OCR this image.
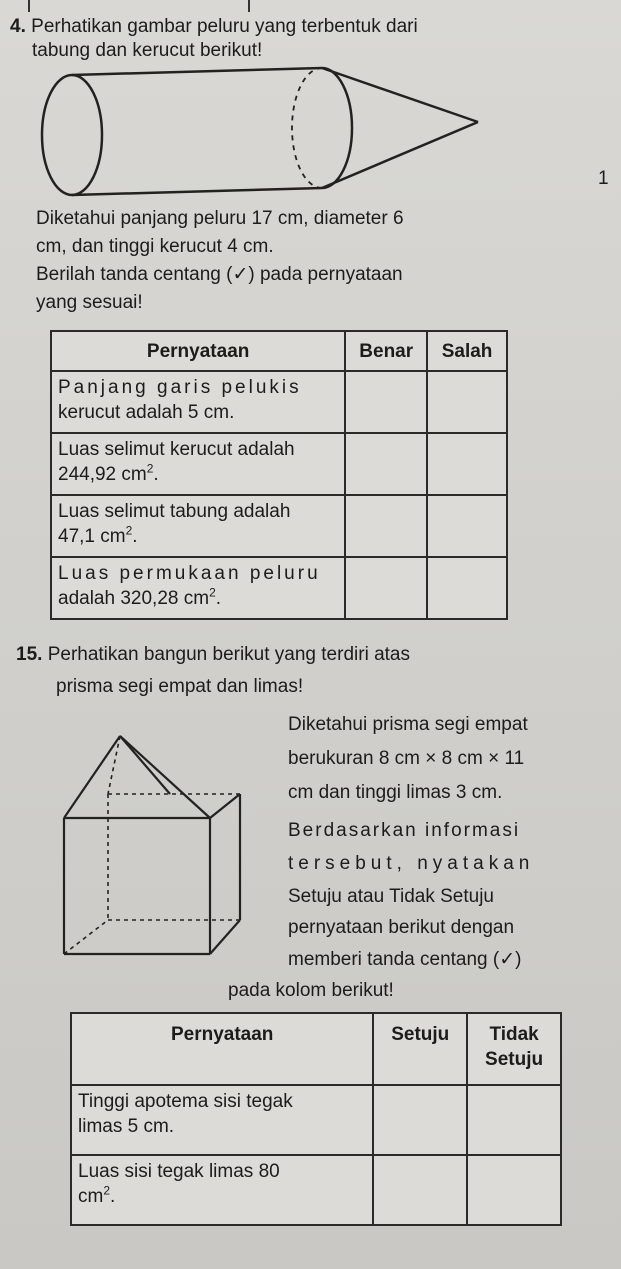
4. Perhatikan gambar peluru yang terbentuk dari
tabung dan kerucut berikut!
1
Diketahui panjang peluru 17 cm, diameter 6
cm, dan tinggi kerucut 4 cm.
Berilah tanda centang (✓) pada pernyataan
yang sesuai!
Pernyataan	Benar	Salah

Panjang garis pelukis
kerucut adalah 5 cm.		

Luas selimut kerucut adalah
244,92 $cm^2$.		

Luas selimut tabung adalah
47,1 $cm^2$.		

Luas permukaan peluru
adalah 320,28 $cm^2$.		

15. Perhatikan bangun berikut yang terdiri atas
prisma segi empat dan limas!
Diketahui prisma segi empat
berukuran 8 cm × 8 cm × 11
cm dan tinggi limas 3 cm.
Berdasarkan informasi
tersebut, nyatakan
Setuju atau Tidak Setuju
pernyataan berikut dengan
memberi tanda centang (✓)
pada kolom berikut!
Pernyataan	Setuju	Tidak Setuju

Tinggi apotema sisi tegak
limas 5 cm.		

Luas sisi tegak limas 80
$cm^2$.		
